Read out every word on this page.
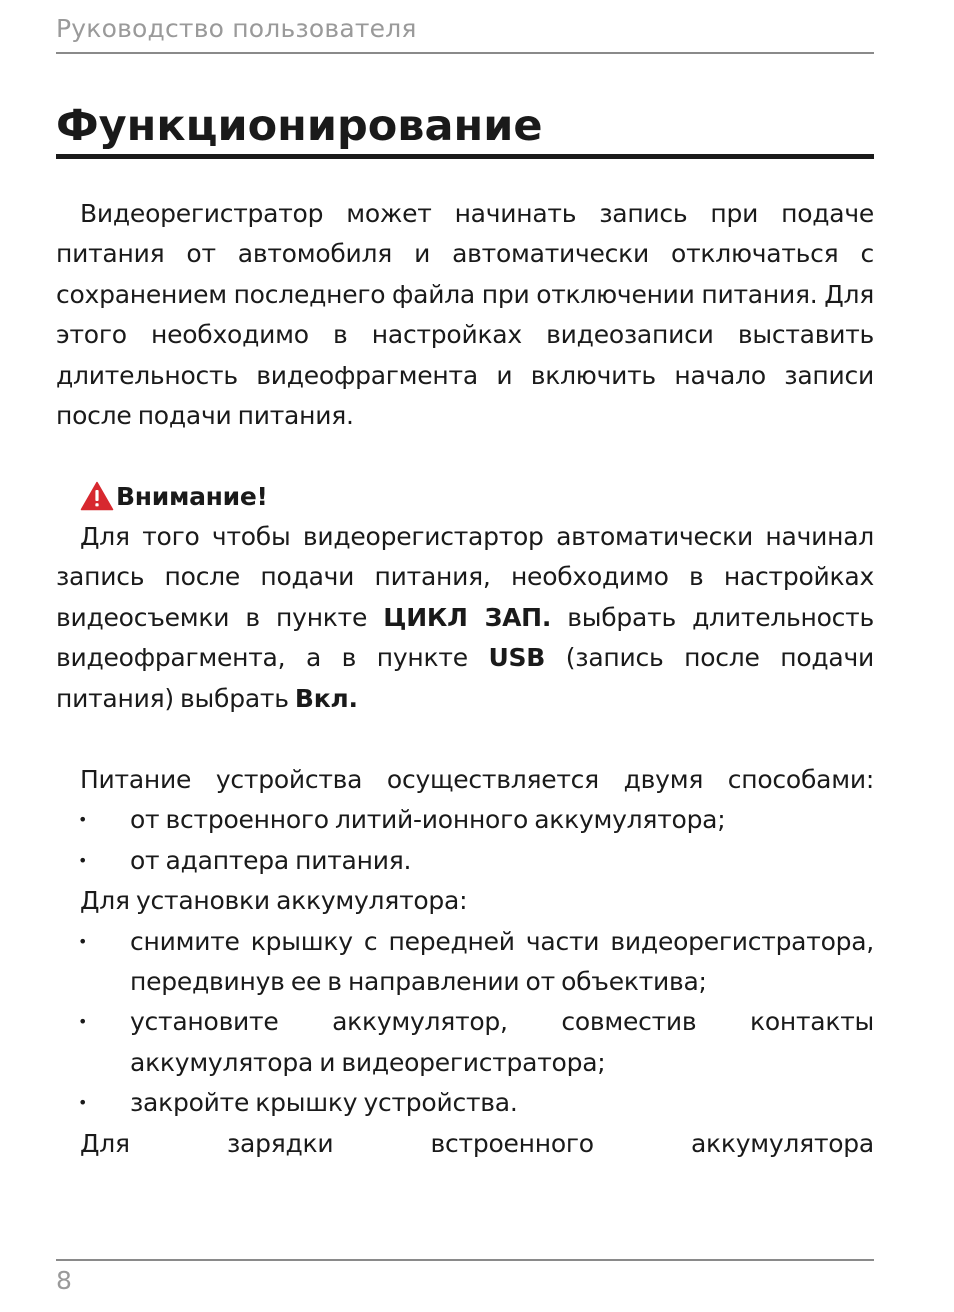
Руководство пользователя
Функционирование

Видеорегистратор может начинать запись при подаче питания от автомобиля и автоматически отключаться с сохранением последнего файла при отключении питания. Для этого необходимо в настройках видеозаписи выставить длительность видеофрагмента и включить начало записи после подачи питания.

Внимание!

Для того чтобы видеорегистартор автоматически начинал запись после подачи питания, необходимо в настройках видеосъемки в пункте ЦИКЛ ЗАП. выбрать длительность видеофрагмента, а в пункте USB (запись после подачи питания) выбрать Вкл.

Питание устройства осуществляется двумя способами:
• от встроенного литий-ионного аккумулятора;
• от адаптера питания.
Для установки аккумулятора:
• снимите крышку с передней части видеорегистратора, передвинув ее в направлении от объектива;
• установите аккумулятор, совместив контакты аккумулятора и видеорегистратора;
• закройте крышку устройства.
Для зарядки встроенного аккумулятора
8
